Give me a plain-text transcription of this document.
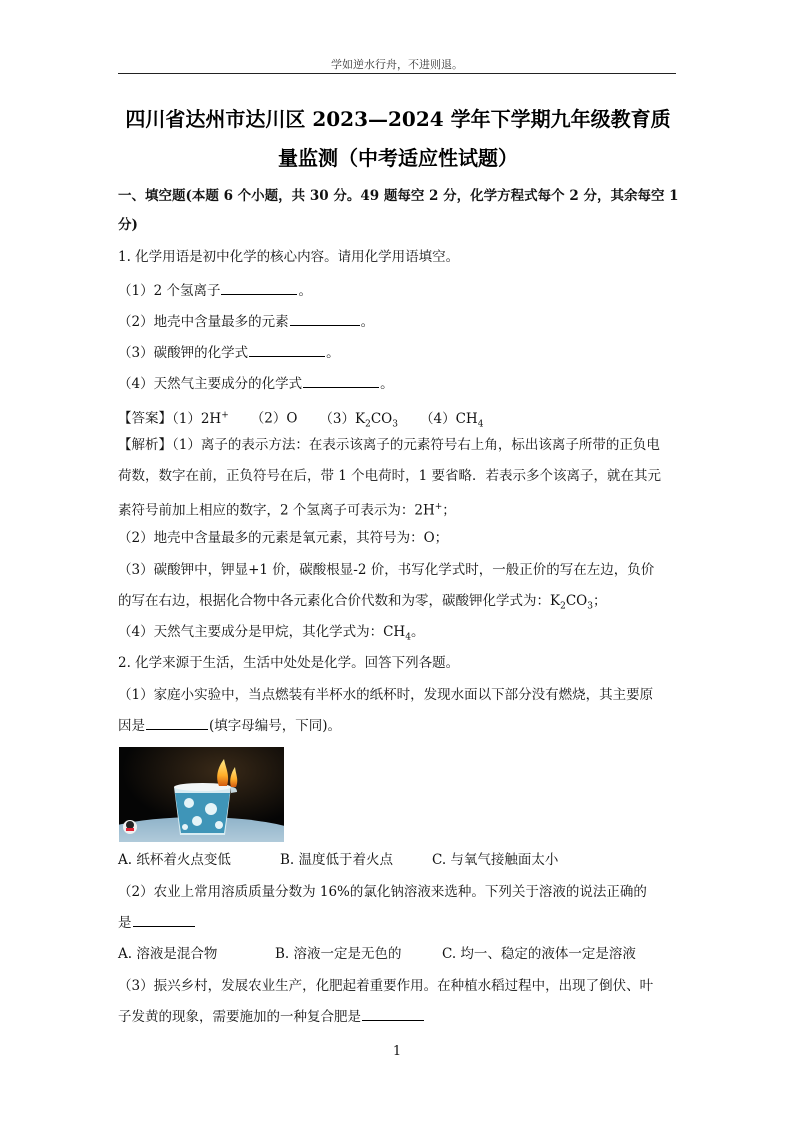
学如逆水行舟，不进则退。
四川省达州市达川区 2023—2024 学年下学期九年级教育质
量监测（中考适应性试题）
一、填空题(本题 6 个小题，共 30 分。49 题每空 2 分，化学方程式每个 2 分，其余每空 1
分)
1. 化学用语是初中化学的核心内容。请用化学用语填空。
（1）2 个氢离子	。
（2）地壳中含量最多的元素	。
（3）碳酸钾的化学式	。
（4）天然气主要成分的化学式	。
【答案】（1）2H+ （2）O $(3)K_2CO_3$ $(4)CH_4$
【解析】（1）离子的表示方法：在表示该离子的元素符号右上角，标出该离子所带的正负电
荷数，数字在前，正负符号在后，带 1 个电荷时，1 要省略．若表示多个该离子，就在其元
素符号前加上相应的数字，2 个氢离子可表示为：2H+；
（2）地壳中含量最多的元素是氧元素，其符号为：O；
（3）碳酸钾中，钾显+1 价，碳酸根显-2 价，书写化学式时，一般正价的写在左边，负价
的写在右边，根据化合物中各元素化合价代数和为零，碳酸钾化学式为：$K_2CO_3$；
（4）天然气主要成分是甲烷，其化学式为：$CH_4$。
2. 化学来源于生活，生活中处处是化学。回答下列各题。
（1）家庭小实验中，当点燃装有半杯水的纸杯时，发现水面以下部分没有燃烧，其主要原
因是	(填字母编号，下同)。
A. 纸杯着火点变低	B. 温度低于着火点	C. 与氧气接触面太小
（2）农业上常用溶质质量分数为 16%的氯化钠溶液来选种。下列关于溶液的说法正确的
是
A. 溶液是混合物	B. 溶液一定是无色的	C. 均一、稳定的液体一定是溶液
（3）振兴乡村，发展农业生产，化肥起着重要作用。在种植水稻过程中，出现了倒伏、叶
子发黄的现象，需要施加的一种复合肥是
1
